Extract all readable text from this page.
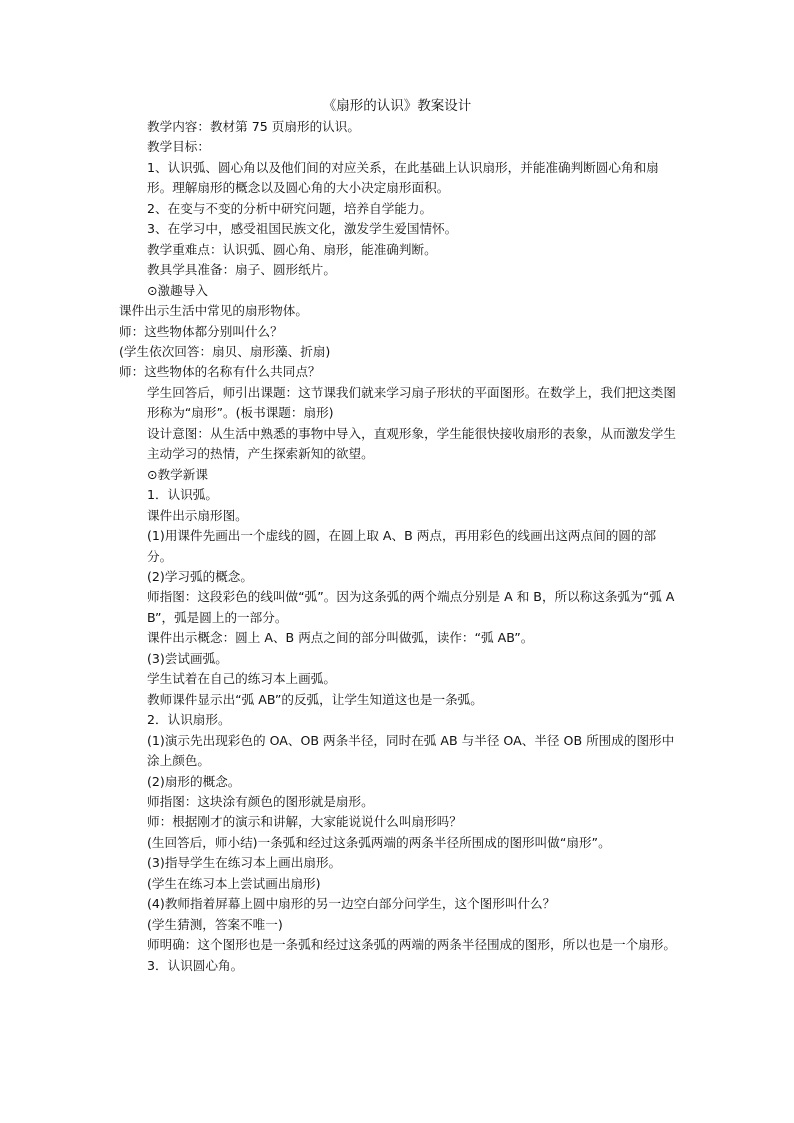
《扇形的认识》教案设计

教学内容：教材第 75 页扇形的认识。

教学目标：

1、认识弧、圆心角以及他们间的对应关系，在此基础上认识扇形，并能准确判断圆心角和扇形。理解扇形的概念以及圆心角的大小决定扇形面积。

2、在变与不变的分析中研究问题，培养自学能力。

3、在学习中，感受祖国民族文化，激发学生爱国情怀。

教学重难点：认识弧、圆心角、扇形，能准确判断。

教具学具准备：扇子、圆形纸片。

⊙激趣导入

课件出示生活中常见的扇形物体。

师：这些物体都分别叫什么？

(学生依次回答：扇贝、扇形藻、折扇)

师：这些物体的名称有什么共同点？

学生回答后，师引出课题：这节课我们就来学习扇子形状的平面图形。在数学上，我们把这类图形称为“扇形”。(板书课题：扇形)

设计意图：从生活中熟悉的事物中导入，直观形象，学生能很快接收扇形的表象，从而激发学生主动学习的热情，产生探索新知的欲望。

⊙教学新课

1．认识弧。

课件出示扇形图。

(1)用课件先画出一个虚线的圆，在圆上取 A、B 两点，再用彩色的线画出这两点间的圆的部分。

(2)学习弧的概念。

师指图：这段彩色的线叫做“弧”。因为这条弧的两个端点分别是 A 和 B，所以称这条弧为“弧 AB”，弧是圆上的一部分。

课件出示概念：圆上 A、B 两点之间的部分叫做弧，读作：“弧 AB”。

(3)尝试画弧。

学生试着在自己的练习本上画弧。

教师课件显示出“弧 AB”的反弧，让学生知道这也是一条弧。

2．认识扇形。

(1)演示先出现彩色的 OA、OB 两条半径，同时在弧 AB 与半径 OA、半径 OB 所围成的图形中涂上颜色。

(2)扇形的概念。

师指图：这块涂有颜色的图形就是扇形。

师：根据刚才的演示和讲解，大家能说说什么叫扇形吗？

(生回答后，师小结)一条弧和经过这条弧两端的两条半径所围成的图形叫做“扇形”。

(3)指导学生在练习本上画出扇形。

(学生在练习本上尝试画出扇形)

(4)教师指着屏幕上圆中扇形的另一边空白部分问学生，这个图形叫什么？

(学生猜测，答案不唯一)

师明确：这个图形也是一条弧和经过这条弧的两端的两条半径围成的图形，所以也是一个扇形。

3．认识圆心角。
